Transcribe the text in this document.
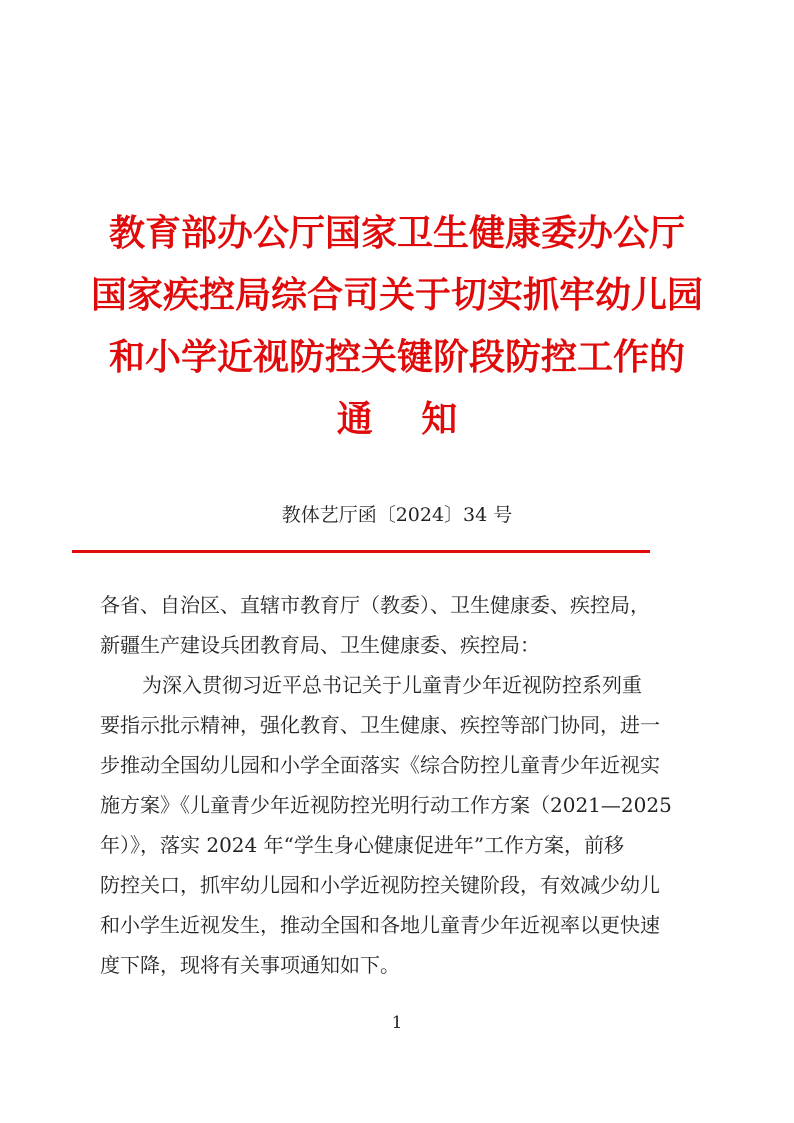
教育部办公厅国家卫生健康委办公厅
国家疾控局综合司关于切实抓牢幼儿园
和小学近视防控关键阶段防控工作的
通 知
教体艺厅函〔2024〕34 号
各省、自治区、直辖市教育厅（教委）、卫生健康委、疾控局，
新疆生产建设兵团教育局、卫生健康委、疾控局：
为深入贯彻习近平总书记关于儿童青少年近视防控系列重
要指示批示精神，强化教育、卫生健康、疾控等部门协同，进一
步推动全国幼儿园和小学全面落实《综合防控儿童青少年近视实
施方案》《儿童青少年近视防控光明行动工作方案（2021—2025
年）》，落实 2024 年“学生身心健康促进年”工作方案，前移
防控关口，抓牢幼儿园和小学近视防控关键阶段，有效减少幼儿
和小学生近视发生，推动全国和各地儿童青少年近视率以更快速
度下降，现将有关事项通知如下。
1
